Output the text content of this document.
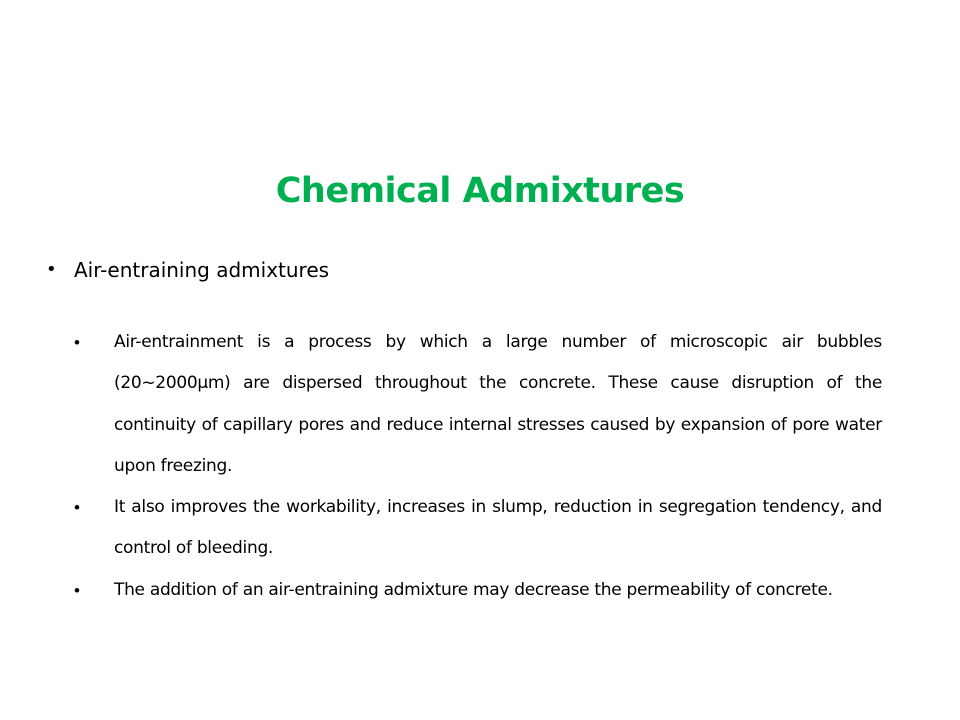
Chemical Admixtures
• Air-entraining admixtures
•	Air-entrainment is a process by which a large number of microscopic air bubbles (20~2000µm) are dispersed throughout the concrete. These cause disruption of the continuity of capillary pores and reduce internal stresses caused by expansion of pore water upon freezing.
•	It also improves the workability, increases in slump, reduction in segregation tendency, and control of bleeding.
•	The addition of an air-entraining admixture may decrease the permeability of concrete.
